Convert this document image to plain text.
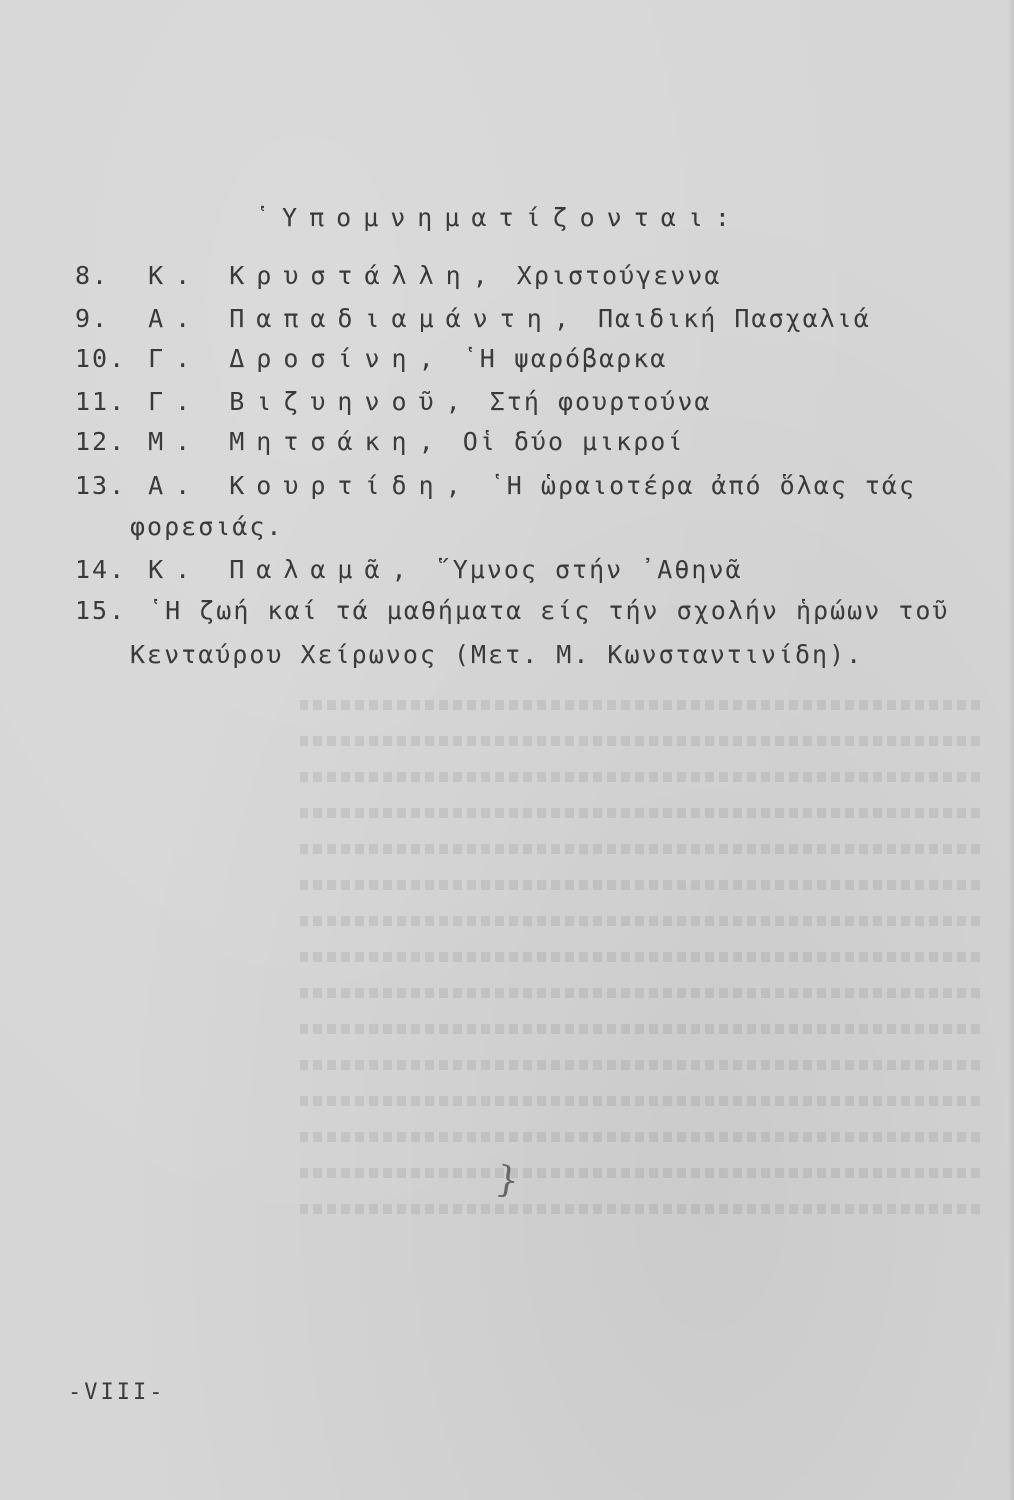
῾Υπομνηματίζονται:
8. Κ. Κρυστάλλη, Χριστούγεννα
9. Α. Παπαδιαμάντη, Παιδική Πασχαλιά
10. Γ. Δροσίνη, ῾Η ψαρόβαρκα
11. Γ. Βιζυηνοῦ, Στή φουρτούνα
12. Μ. Μητσάκη, Οἱ δύο μικροί
13. Α. Κουρτίδη, ῾Η ὡραιοτέρα ἀπό ὅλας τάς
φορεσιάς.
14. Κ. Παλαμᾶ, ῞Υμνος στήν ᾿Αθηνᾶ
15. ῾Η ζωή καί τά μαθήματα είς τήν σχολήν ἡρώων τοῦ
Κενταύρου Χείρωνος (Μετ. Μ. Κωνσταντινίδη).
}
-VIII-
